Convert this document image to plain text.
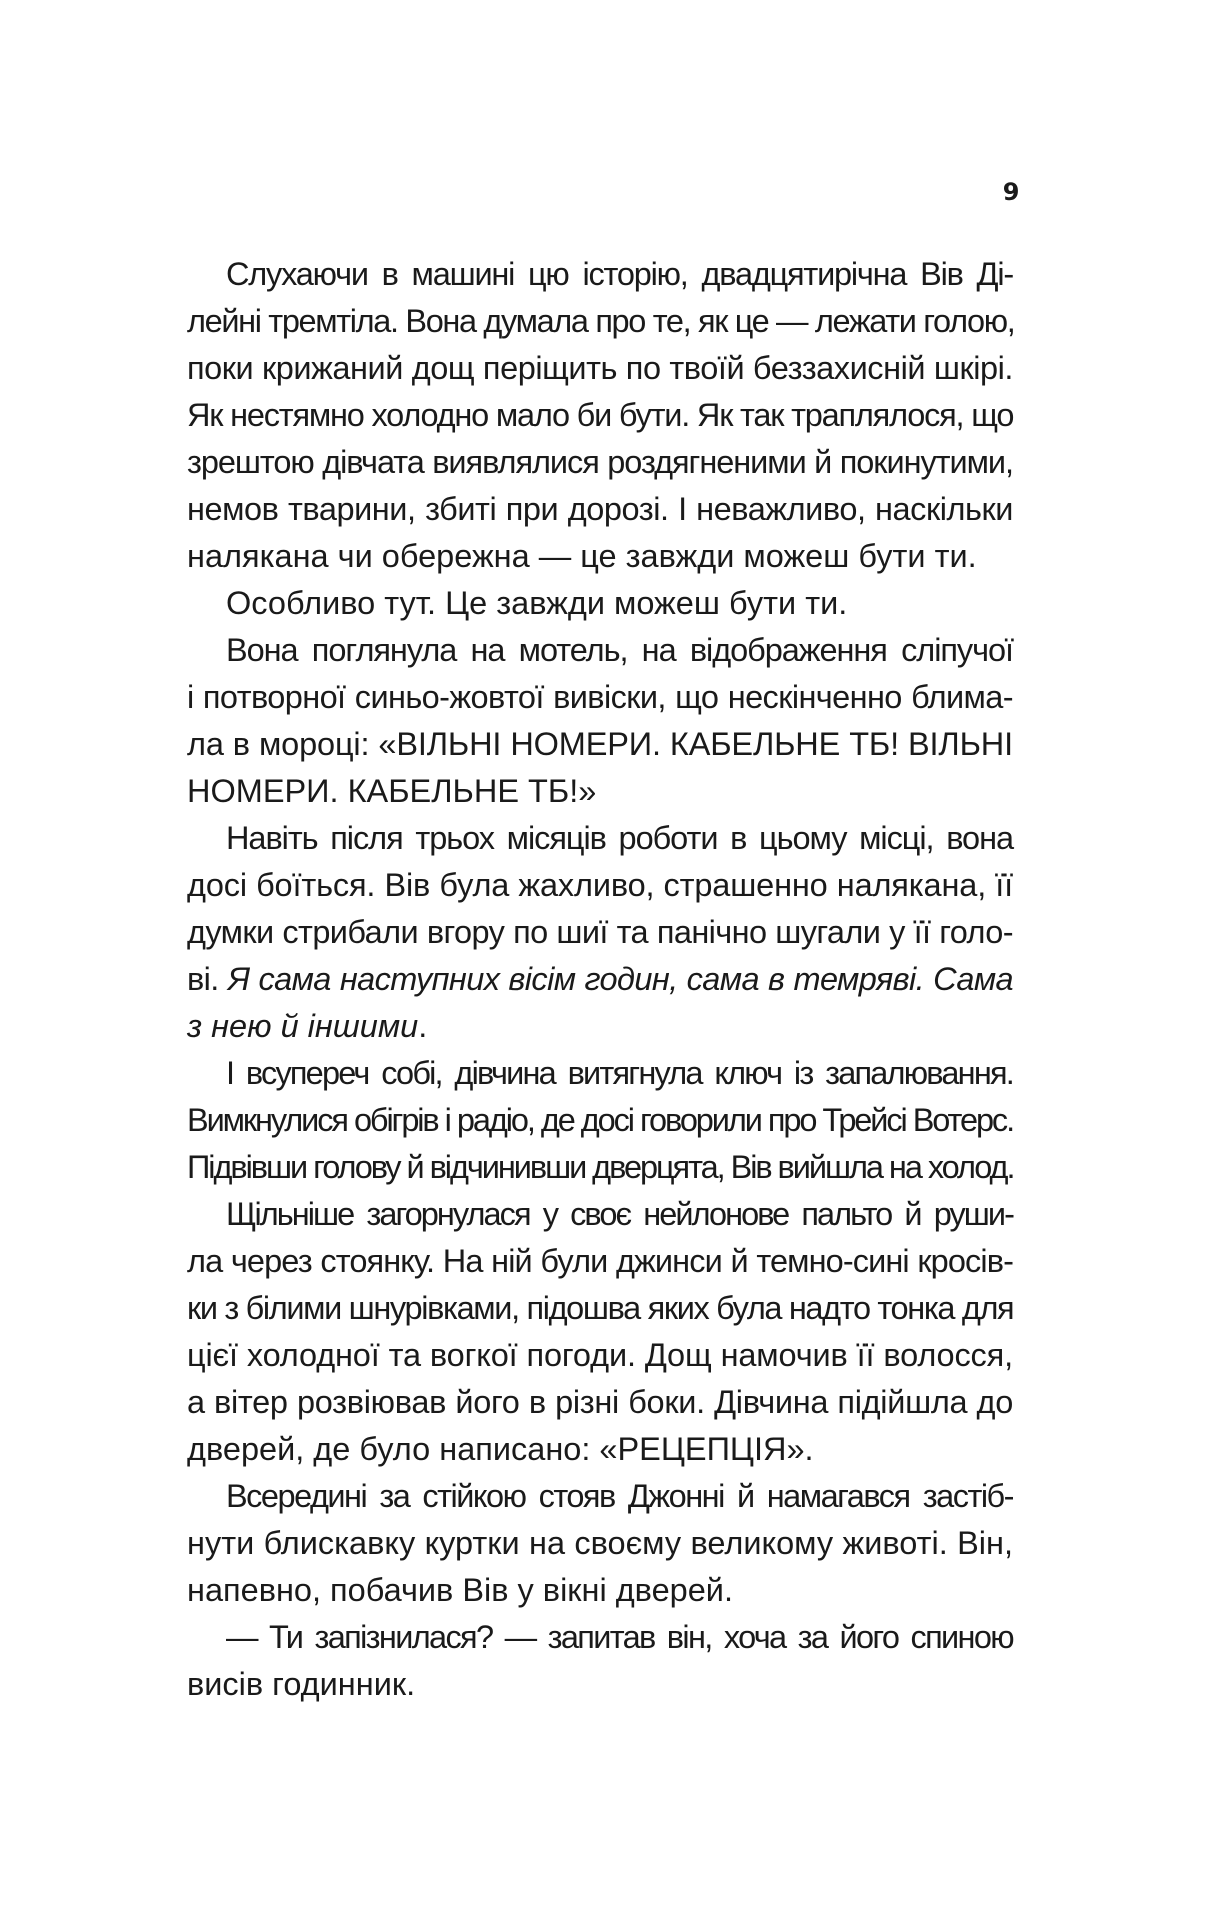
9
Слухаючи в машині цю історію, двадцятирічна Вів Ді-
лейні тремтіла. Вона думала про те, як це — лежати голою,
поки крижаний дощ періщить по твоїй беззахисній шкірі.
Як нестямно холодно мало би бути. Як так траплялося, що
зрештою дівчата виявлялися роздягненими й покинутими,
немов тварини, збиті при дорозі. І неважливо, наскільки
налякана чи обережна — це завжди можеш бути ти.
Особливо тут. Це завжди можеш бути ти.
Вона поглянула на мотель, на відображення сліпучої
і потворної синьо-жовтої вивіски, що нескінченно блима-
ла в мороці: «ВІЛЬНІ НОМЕРИ. КАБЕЛЬНЕ ТБ! ВІЛЬНІ
НОМЕРИ. КАБЕЛЬНЕ ТБ!»
Навіть після трьох місяців роботи в цьому місці, вона
досі боїться. Вів була жахливо, страшенно налякана, її
думки стрибали вгору по шиї та панічно шугали у її голо-
ві. Я сама наступних вісім годин, сама в темряві. Сама
з нею й іншими.
І всупереч собі, дівчина витягнула ключ із запалювання.
Вимкнулися обігрів і радіо, де досі говорили про Трейсі Вотерс.
Підвівши голову й відчинивши дверцята, Вів вийшла на холод.
Щільніше загорнулася у своє нейлонове пальто й руши-
ла через стоянку. На ній були джинси й темно-сині кросів-
ки з білими шнурівками, підошва яких була надто тонка для
цієї холодної та вогкої погоди. Дощ намочив її волосся,
а вітер розвіював його в різні боки. Дівчина підійшла до
дверей, де було написано: «РЕЦЕПЦІЯ».
Всередині за стійкою стояв Джонні й намагався застіб-
нути блискавку куртки на своєму великому животі. Він,
напевно, побачив Вів у вікні дверей.
— Ти запізнилася? — запитав він, хоча за його спиною
висів годинник.
